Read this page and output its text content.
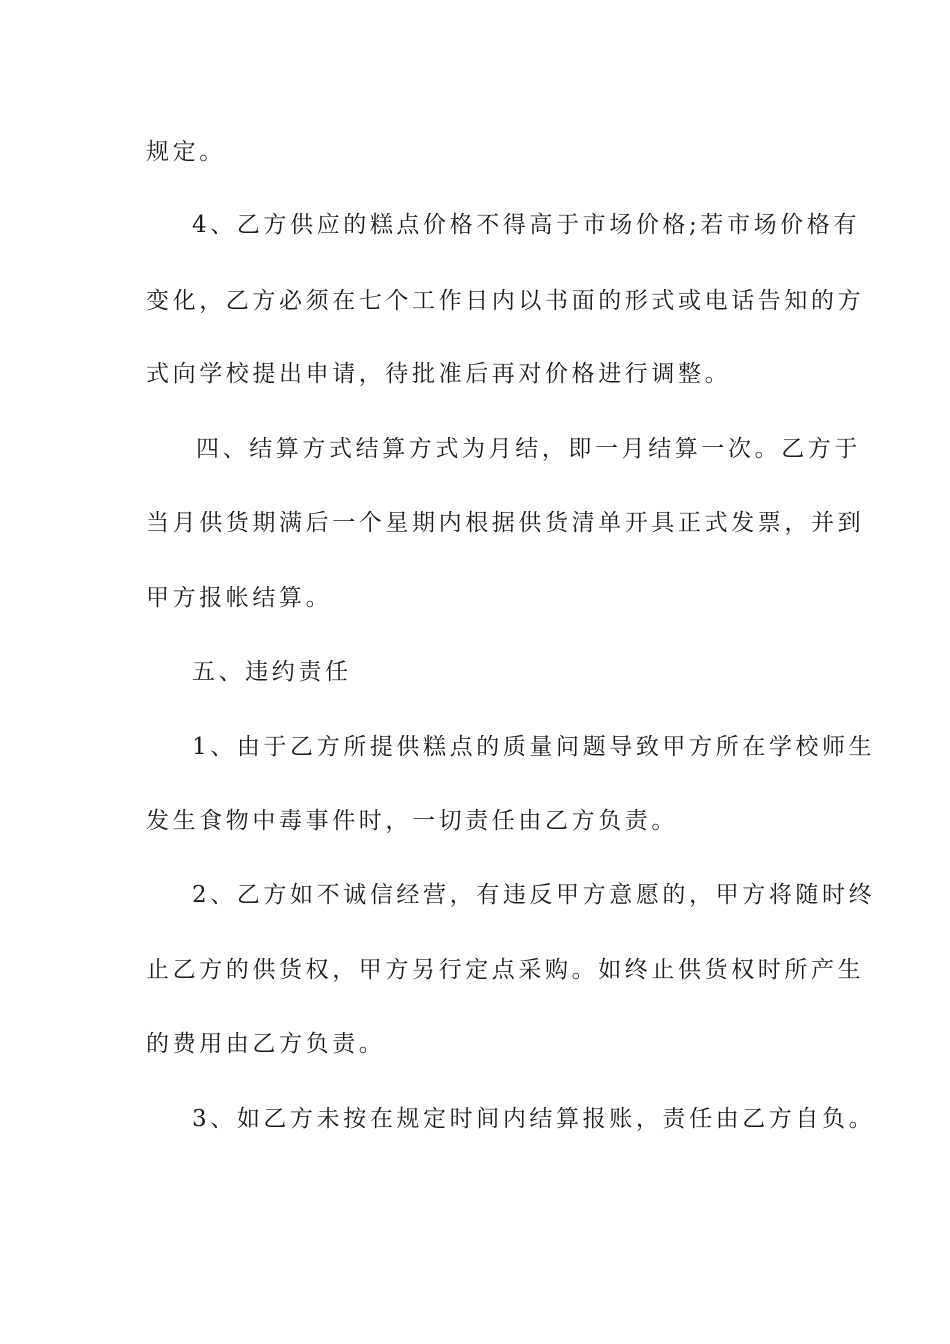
规定。
4、乙方供应的糕点价格不得高于市场价格;若市场价格有
变化，乙方必须在七个工作日内以书面的形式或电话告知的方
式向学校提出申请，待批准后再对价格进行调整。
四、结算方式结算方式为月结，即一月结算一次。乙方于
当月供货期满后一个星期内根据供货清单开具正式发票，并到
甲方报帐结算。
五、违约责任
1、由于乙方所提供糕点的质量问题导致甲方所在学校师生
发生食物中毒事件时，一切责任由乙方负责。
2、乙方如不诚信经营，有违反甲方意愿的，甲方将随时终
止乙方的供货权，甲方另行定点采购。如终止供货权时所产生
的费用由乙方负责。
3、如乙方未按在规定时间内结算报账，责任由乙方自负。
